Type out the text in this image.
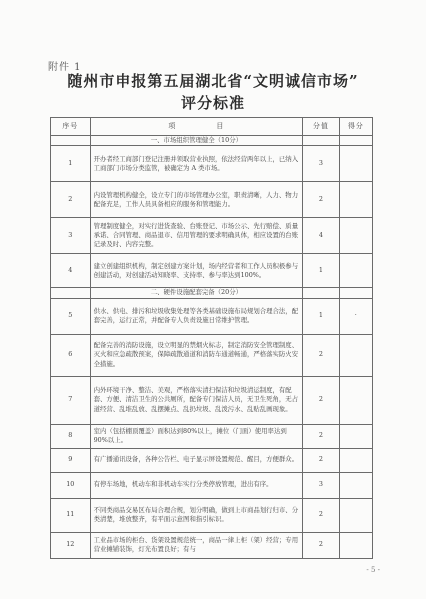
附件 1
随州市申报第五届湖北省“文明诚信市场”
评分标准
序号	项　　　　　目	分值	得分
	一、市场组织管理健全（10分）		
1	开办者经工商部门登记注册并领取营业执照，依法经营两年以上，已纳入工商部门市场分类监管，被确定为 A 类市场。	3	
2	内设管理机构健全，设立专门的市场管理办公室，职责清晰，人力、物力配备充足，工作人员具备相应的服务和管理能力。	2	
3	管理制度健全，对实行进货查验、台账登记、市场公示、先行赔偿、质量承诺、合同管理、商品退市、信用管理的要求明确具体，相应设置的台账记录及时、内容完整。	4	
4	建立创建组织机构，制定创建方案计划，场内经营者和工作人员积极参与创建活动，对创建活动知晓率、支持率、参与率达到100%。	1	
	二、硬件设施配套完备（20分）		
5	供水、供电、排污和垃圾收集处理等各类基础设施布局规划合理合法，配套完善，运行正常，并配备专人负责设施日常维护管理。	1	·
6	配备完善的消防设施，设立明显的禁烟火标志，制定消防安全管理制度、灭火和应急疏散预案，保障疏散通道和消防车通道畅通，严格落实防火安全措施。	2	
7	内外环境干净、整洁、美观，严格落实清扫保洁和垃圾清运制度，有配套、方便、清洁卫生的公共厕所，配备专门保洁人员，无卫生死角，无占道经营、乱堆乱放、乱摆摊点、乱扔垃圾、乱泼污水、乱贴乱画现象。	2	
8	室内（包括棚顶覆盖）面积达到80%以上，摊位（门面）使用率达到90%以上。	2	
9	有广播通讯设备，各种公告栏、电子显示屏设置规范、醒目，方便群众。	2	
10	有停车场地，机动车和非机动车实行分类停放管理，进出有序。	3	
11	不同类商品交易区布局合理合规，划分明确，做到上市商品划行归市、分类清楚，堆放整齐，有平面示意图和指引标识。	2	
12	工业品市场的柜台、货架设置规范统一，商品一律上柜（架）经营；专用营业摊铺装饰，灯光布置良好；有与	2	
- 5 -
